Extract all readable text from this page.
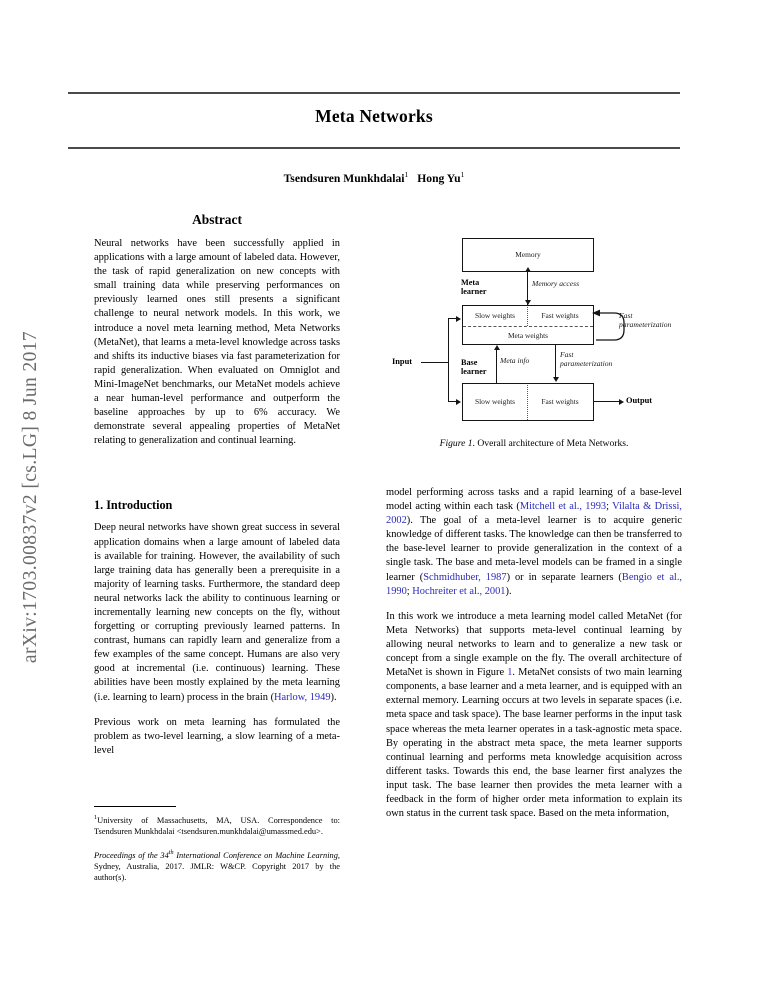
arXiv:1703.00837v2 [cs.LG] 8 Jun 2017
Meta Networks
Tsendsuren Munkhdalai$^1$ Hong Yu$^1$
Abstract

Neural networks have been successfully applied in applications with a large amount of labeled data. However, the task of rapid generalization on new concepts with small training data while preserving performances on previously learned ones still presents a significant challenge to neural network models. In this work, we introduce a novel meta learning method, Meta Networks (MetaNet), that learns a meta-level knowledge across tasks and shifts its inductive biases via fast parameterization for rapid generalization. When evaluated on Omniglot and Mini-ImageNet benchmarks, our MetaNet models achieve a near human-level performance and outperform the baseline approaches by up to 6% accuracy. We demonstrate several appealing properties of MetaNet relating to generalization and continual learning.

1. Introduction

Deep neural networks have shown great success in several application domains when a large amount of labeled data is available for training. However, the availability of such large training data has generally been a prerequisite in a majority of learning tasks. Furthermore, the standard deep neural networks lack the ability to continuous learning or incrementally learning new concepts on the fly, without forgetting or corrupting previously learned patterns. In contrast, humans can rapidly learn and generalize from a few examples of the same concept. Humans are also very good at incremental (i.e. continuous) learning. These abilities have been mostly explained by the meta learning (i.e. learning to learn) process in the brain (Harlow, 1949).

Previous work on meta learning has formulated the problem as two-level learning, a slow learning of a meta-level

$^1$University of Massachusetts, MA, USA. Correspondence to: Tsendsuren Munkhdalai <tsendsuren.munkhdalai@umassmed.edu>.

Proceedings of the 34th International Conference on Machine Learning, Sydney, Australia, 2017. JMLR: W&CP. Copyright 2017 by the author(s).

Memory
Memory access
Meta
learner
Slow weights	Fast weights
Meta weights
Fast
parameterization
Base
learner
Meta info
Fast
parameterization
Slow weights	Fast weights
Input
Output
Figure 1. Overall architecture of Meta Networks.

model performing across tasks and a rapid learning of a base-level model acting within each task (Mitchell et al., 1993; Vilalta & Drissi, 2002). The goal of a meta-level learner is to acquire generic knowledge of different tasks. The knowledge can then be transferred to the base-level learner to provide generalization in the context of a single task. The base and meta-level models can be framed in a single learner (Schmidhuber, 1987) or in separate learners (Bengio et al., 1990; Hochreiter et al., 2001).

In this work we introduce a meta learning model called MetaNet (for Meta Networks) that supports meta-level continual learning by allowing neural networks to learn and to generalize a new task or concept from a single example on the fly. The overall architecture of MetaNet is shown in Figure 1. MetaNet consists of two main learning components, a base learner and a meta learner, and is equipped with an external memory. Learning occurs at two levels in separate spaces (i.e. meta space and task space). The base learner performs in the input task space whereas the meta learner operates in a task-agnostic meta space. By operating in the abstract meta space, the meta learner supports continual learning and performs meta knowledge acquisition across different tasks. Towards this end, the base learner first analyzes the input task. The base learner then provides the meta learner with a feedback in the form of higher order meta information to explain its own status in the current task space. Based on the meta information,
